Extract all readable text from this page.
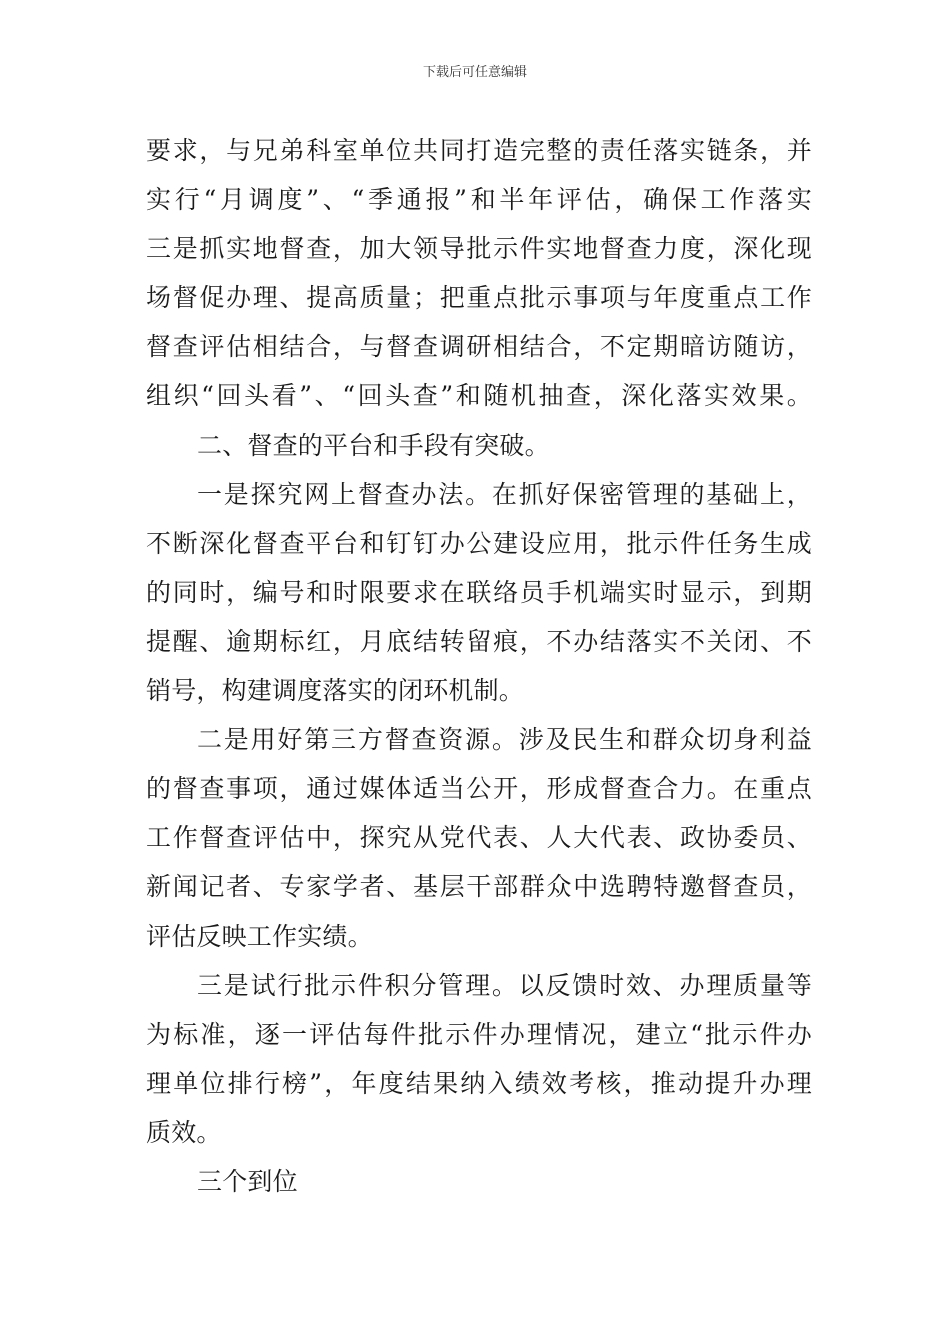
下载后可任意编辑
要求，与兄弟科室单位共同打造完整的责任落实链条，并
实行“月调度”、“季通报”和半年评估，确保工作落实
三是抓实地督查，加大领导批示件实地督查力度，深化现
场督促办理、提高质量；把重点批示事项与年度重点工作
督查评估相结合，与督查调研相结合，不定期暗访随访，
组织“回头看”、“回头查”和随机抽查，深化落实效果。
二、督查的平台和手段有突破。
一是探究网上督查办法。在抓好保密管理的基础上，
不断深化督查平台和钉钉办公建设应用，批示件任务生成
的同时，编号和时限要求在联络员手机端实时显示，到期
提醒、逾期标红，月底结转留痕，不办结落实不关闭、不
销号，构建调度落实的闭环机制。
二是用好第三方督查资源。涉及民生和群众切身利益
的督查事项，通过媒体适当公开，形成督查合力。在重点
工作督查评估中，探究从党代表、人大代表、政协委员、
新闻记者、专家学者、基层干部群众中选聘特邀督查员，
评估反映工作实绩。
三是试行批示件积分管理。以反馈时效、办理质量等
为标准，逐一评估每件批示件办理情况，建立“批示件办
理单位排行榜”，年度结果纳入绩效考核，推动提升办理
质效。
三个到位
